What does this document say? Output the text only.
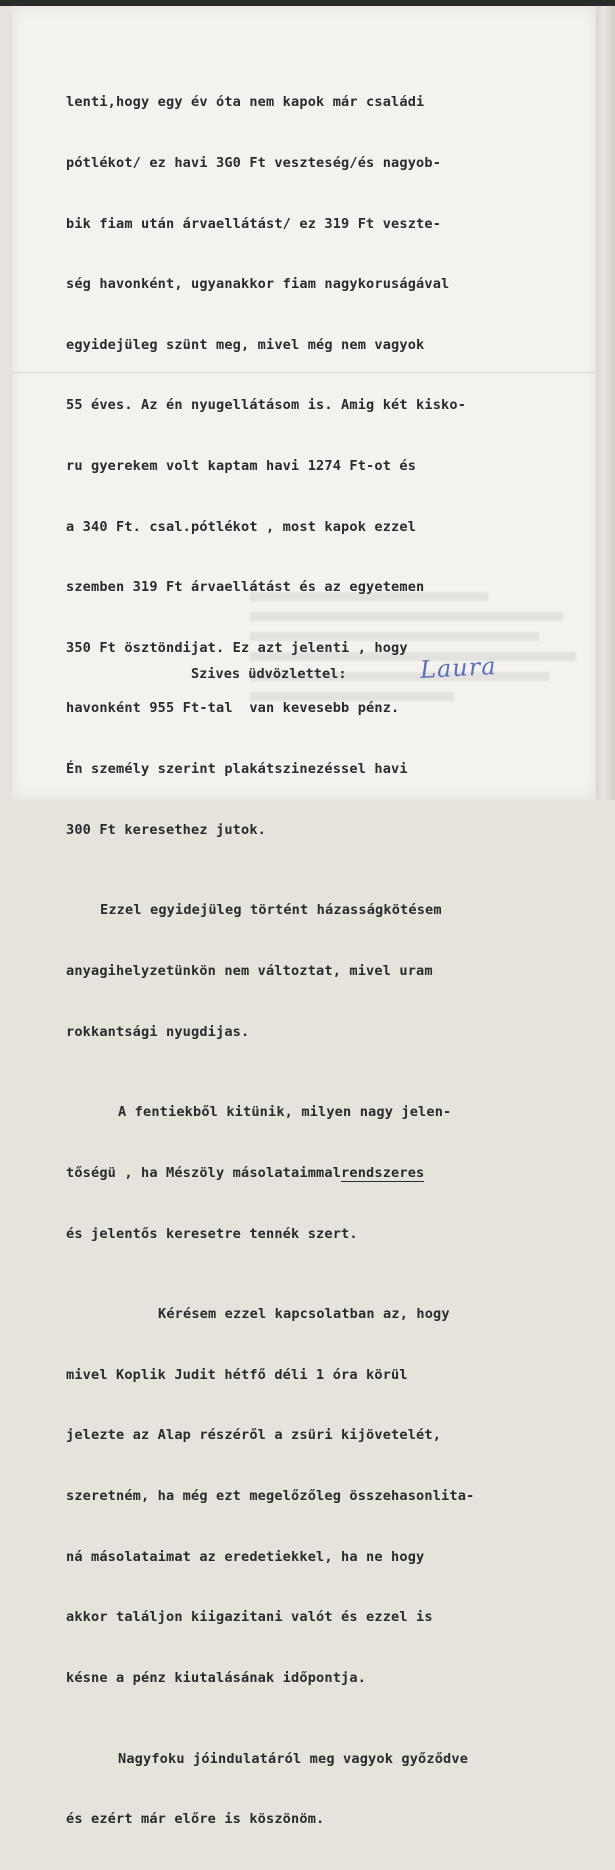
lenti,hogy egy év óta nem kapok már családi

pótlékot/ ez havi 3G0 Ft veszteség/és nagyob-

bik fiam után árvaellátást/ ez 319 Ft veszte-

ség havonként, ugyanakkor fiam nagykoruságával

egyidejüleg szünt meg, mivel még nem vagyok

55 éves. Az én nyugellátásom is. Amig két kisko-

ru gyerekem volt kaptam havi 1274 Ft-ot és

a 340 Ft. csal.pótlékot , most kapok ezzel

szemben 319 Ft árvaellátást és az egyetemen

350 Ft ösztöndijat. Ez azt jelenti , hogy

havonként 955 Ft-tal  van kevesebb pénz.

Én személy szerint plakátszinezéssel havi

300 Ft keresethez jutok.

Ezzel egyidejüleg történt házasságkötésem

anyagihelyzetünkön nem változtat, mivel uram

rokkantsági nyugdijas.

A fentiekből kitünik, milyen nagy jelen-

tőségü , ha Mészöly másolataimmalrendszeres

és jelentős keresetre tennék szert.

Kérésem ezzel kapcsolatban az, hogy

mivel Koplik Judit hétfő déli 1 óra körül

jelezte az Alap részéről a zsüri kijövetelét,

szeretném, ha még ezt megelőzőleg összehasonlita-

ná másolataimat az eredetiekkel, ha ne hogy

akkor találjon kiigazitani valót és ezzel is

késne a pénz kiutalásának időpontja.

Nagyfoku jóindulatáról meg vagyok győződve

és ezért már előre is köszönöm.

Szives üdvözlettel:	Laura
